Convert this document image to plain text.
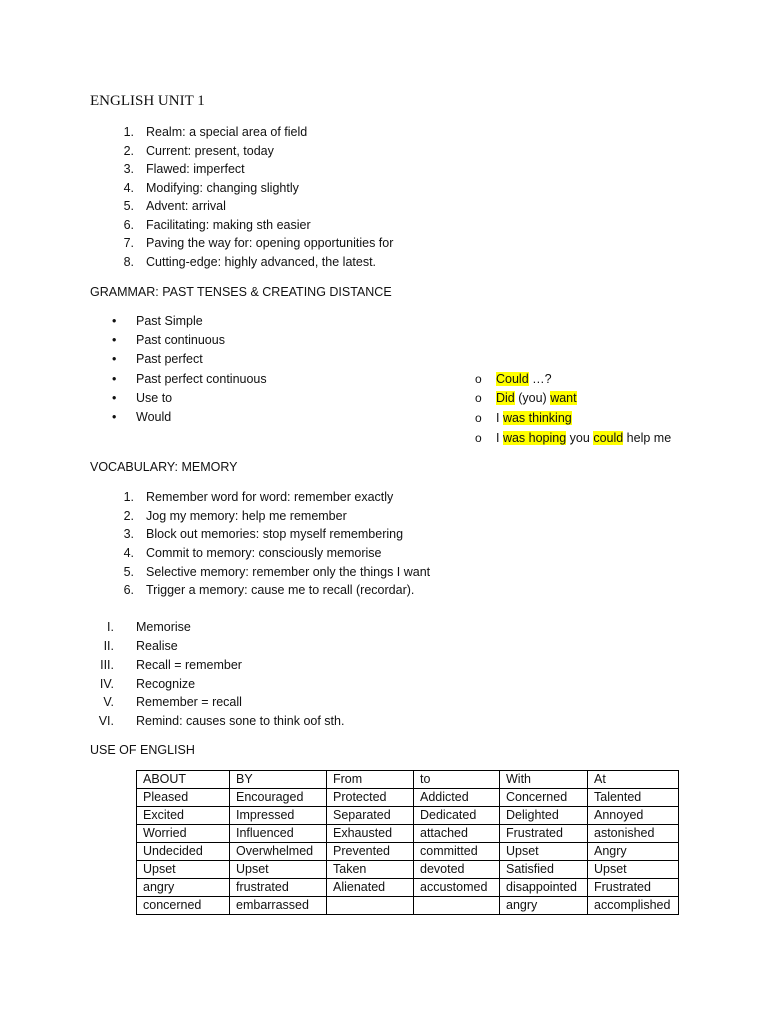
ENGLISH UNIT 1
1. Realm: a special area of field
2. Current: present, today
3. Flawed: imperfect
4. Modifying: changing slightly
5. Advent: arrival
6. Facilitating: making sth easier
7. Paving the way for: opening opportunities for
8. Cutting-edge: highly advanced, the latest.
GRAMMAR: PAST TENSES & CREATING DISTANCE
• Past Simple
• Past continuous
• Past perfect
• Past perfect continuous
• Use to
• Would
o Could …?
o Did (you) want
o I was thinking
o I was hoping you could help me
VOCABULARY: MEMORY
1. Remember word for word: remember exactly
2. Jog my memory: help me remember
3. Block out memories: stop myself remembering
4. Commit to memory: consciously memorise
5. Selective memory: remember only the things I want
6. Trigger a memory: cause me to recall (recordar).
I. Memorise
II. Realise
III. Recall = remember
IV. Recognize
V. Remember = recall
VI. Remind: causes sone to think oof sth.
USE OF ENGLISH
ABOUT	BY	From	to	With	At
Pleased	Encouraged	Protected	Addicted	Concerned	Talented
Excited	Impressed	Separated	Dedicated	Delighted	Annoyed
Worried	Influenced	Exhausted	attached	Frustrated	astonished
Undecided	Overwhelmed	Prevented	committed	Upset	Angry
Upset	Upset	Taken	devoted	Satisfied	Upset
angry	frustrated	Alienated	accustomed	disappointed	Frustrated
concerned	embarrassed			angry	accomplished
